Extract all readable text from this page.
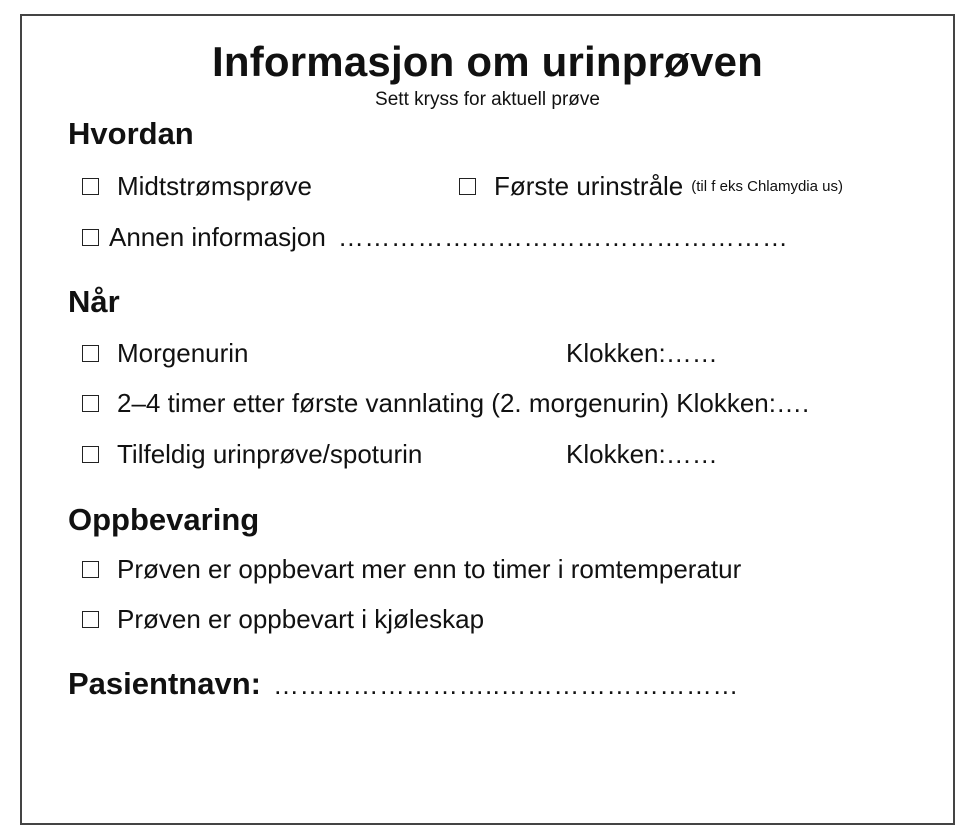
Informasjon om urinprøven
Sett kryss for aktuell prøve
Hvordan
Midtstrømsprøve	Første urinstråle (til f eks Chlamydia us)
Annen informasjon ……………………………………………
Når
Morgenurin	Klokken:……
2–4 timer etter første vannlating (2. morgenurin) Klokken:….
Tilfeldig urinprøve/spoturin	Klokken:……
Oppbevaring
Prøven er oppbevart mer enn to timer i romtemperatur
Prøven er oppbevart i kjøleskap
Pasientnavn: ……………………..………………………
